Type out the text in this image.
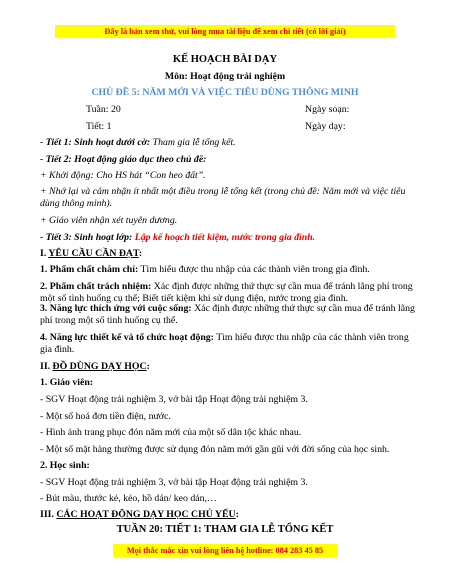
Đây là bản xem thử, vui lòng mua tài liệu để xem chi tiết (có lời giải)
KẾ HOẠCH BÀI DẠY
Môn: Hoạt động trải nghiệm
CHỦ ĐỀ 5: NĂM MỚI VÀ VIỆC TIÊU DÙNG THÔNG MINH
Tuần: 20	Ngày soạn:
Tiết: 1	Ngày dạy:
- Tiết 1: Sinh hoạt dưới cờ: Tham gia lễ tổng kết.
- Tiết 2: Hoạt động giáo dục theo chủ đề:
+ Khởi động: Cho HS hát “Con heo đất”.
+ Nhớ lại và cảm nhận ít nhất một điều trong lễ tổng kết (trong chủ đề: Năm mới và việc tiêu dùng thông minh).
+ Giáo viên nhận xét tuyên dương.
- Tiết 3: Sinh hoạt lớp: Lập kế hoạch tiết kiệm, nước trong gia đình.
I. YÊU CẦU CẦN ĐẠT:
1. Phẩm chất chăm chỉ: Tìm hiểu được thu nhập của các thành viên trong gia đình.
2. Phẩm chất trách nhiệm: Xác định được những thứ thực sự cần mua để tránh lãng phí trong một số tình huống cụ thể; Biết tiết kiệm khi sử dụng điện, nước trong gia đình.
3. Năng lực thích ứng với cuộc sống: Xác định được những thứ thực sự cần mua để tránh lãng phí trong một số tình huống cụ thể.
4. Năng lực thiết kế và tổ chức hoạt động: Tìm hiểu được thu nhập của các thành viên trong gia đình.
II. ĐỒ DÙNG DẠY HỌC:
1. Giáo viên:
- SGV Hoạt động trải nghiệm 3, vở bài tập Hoạt động trải nghiệm 3.
- Một số hoá đơn tiền điện, nước.
- Hình ảnh trang phục đón năm mới của một số dân tộc khác nhau.
- Một số mặt hàng thường được sử dụng đón năm mới gần gũi với đời sống của học sinh.
2. Học sinh:
- SGV Hoạt động trải nghiệm 3, vở bài tập Hoạt động trải nghiệm 3.
- Bút màu, thước kẻ, kéo, hồ dán/ keo dán,…
III. CÁC HOẠT ĐỘNG DẠY HỌC CHỦ YẾU:
TUẦN 20: TIẾT 1: THAM GIA LỄ TỔNG KẾT
Mọi thắc mắc xin vui lòng liên hệ hotline: 084 283 45 85
